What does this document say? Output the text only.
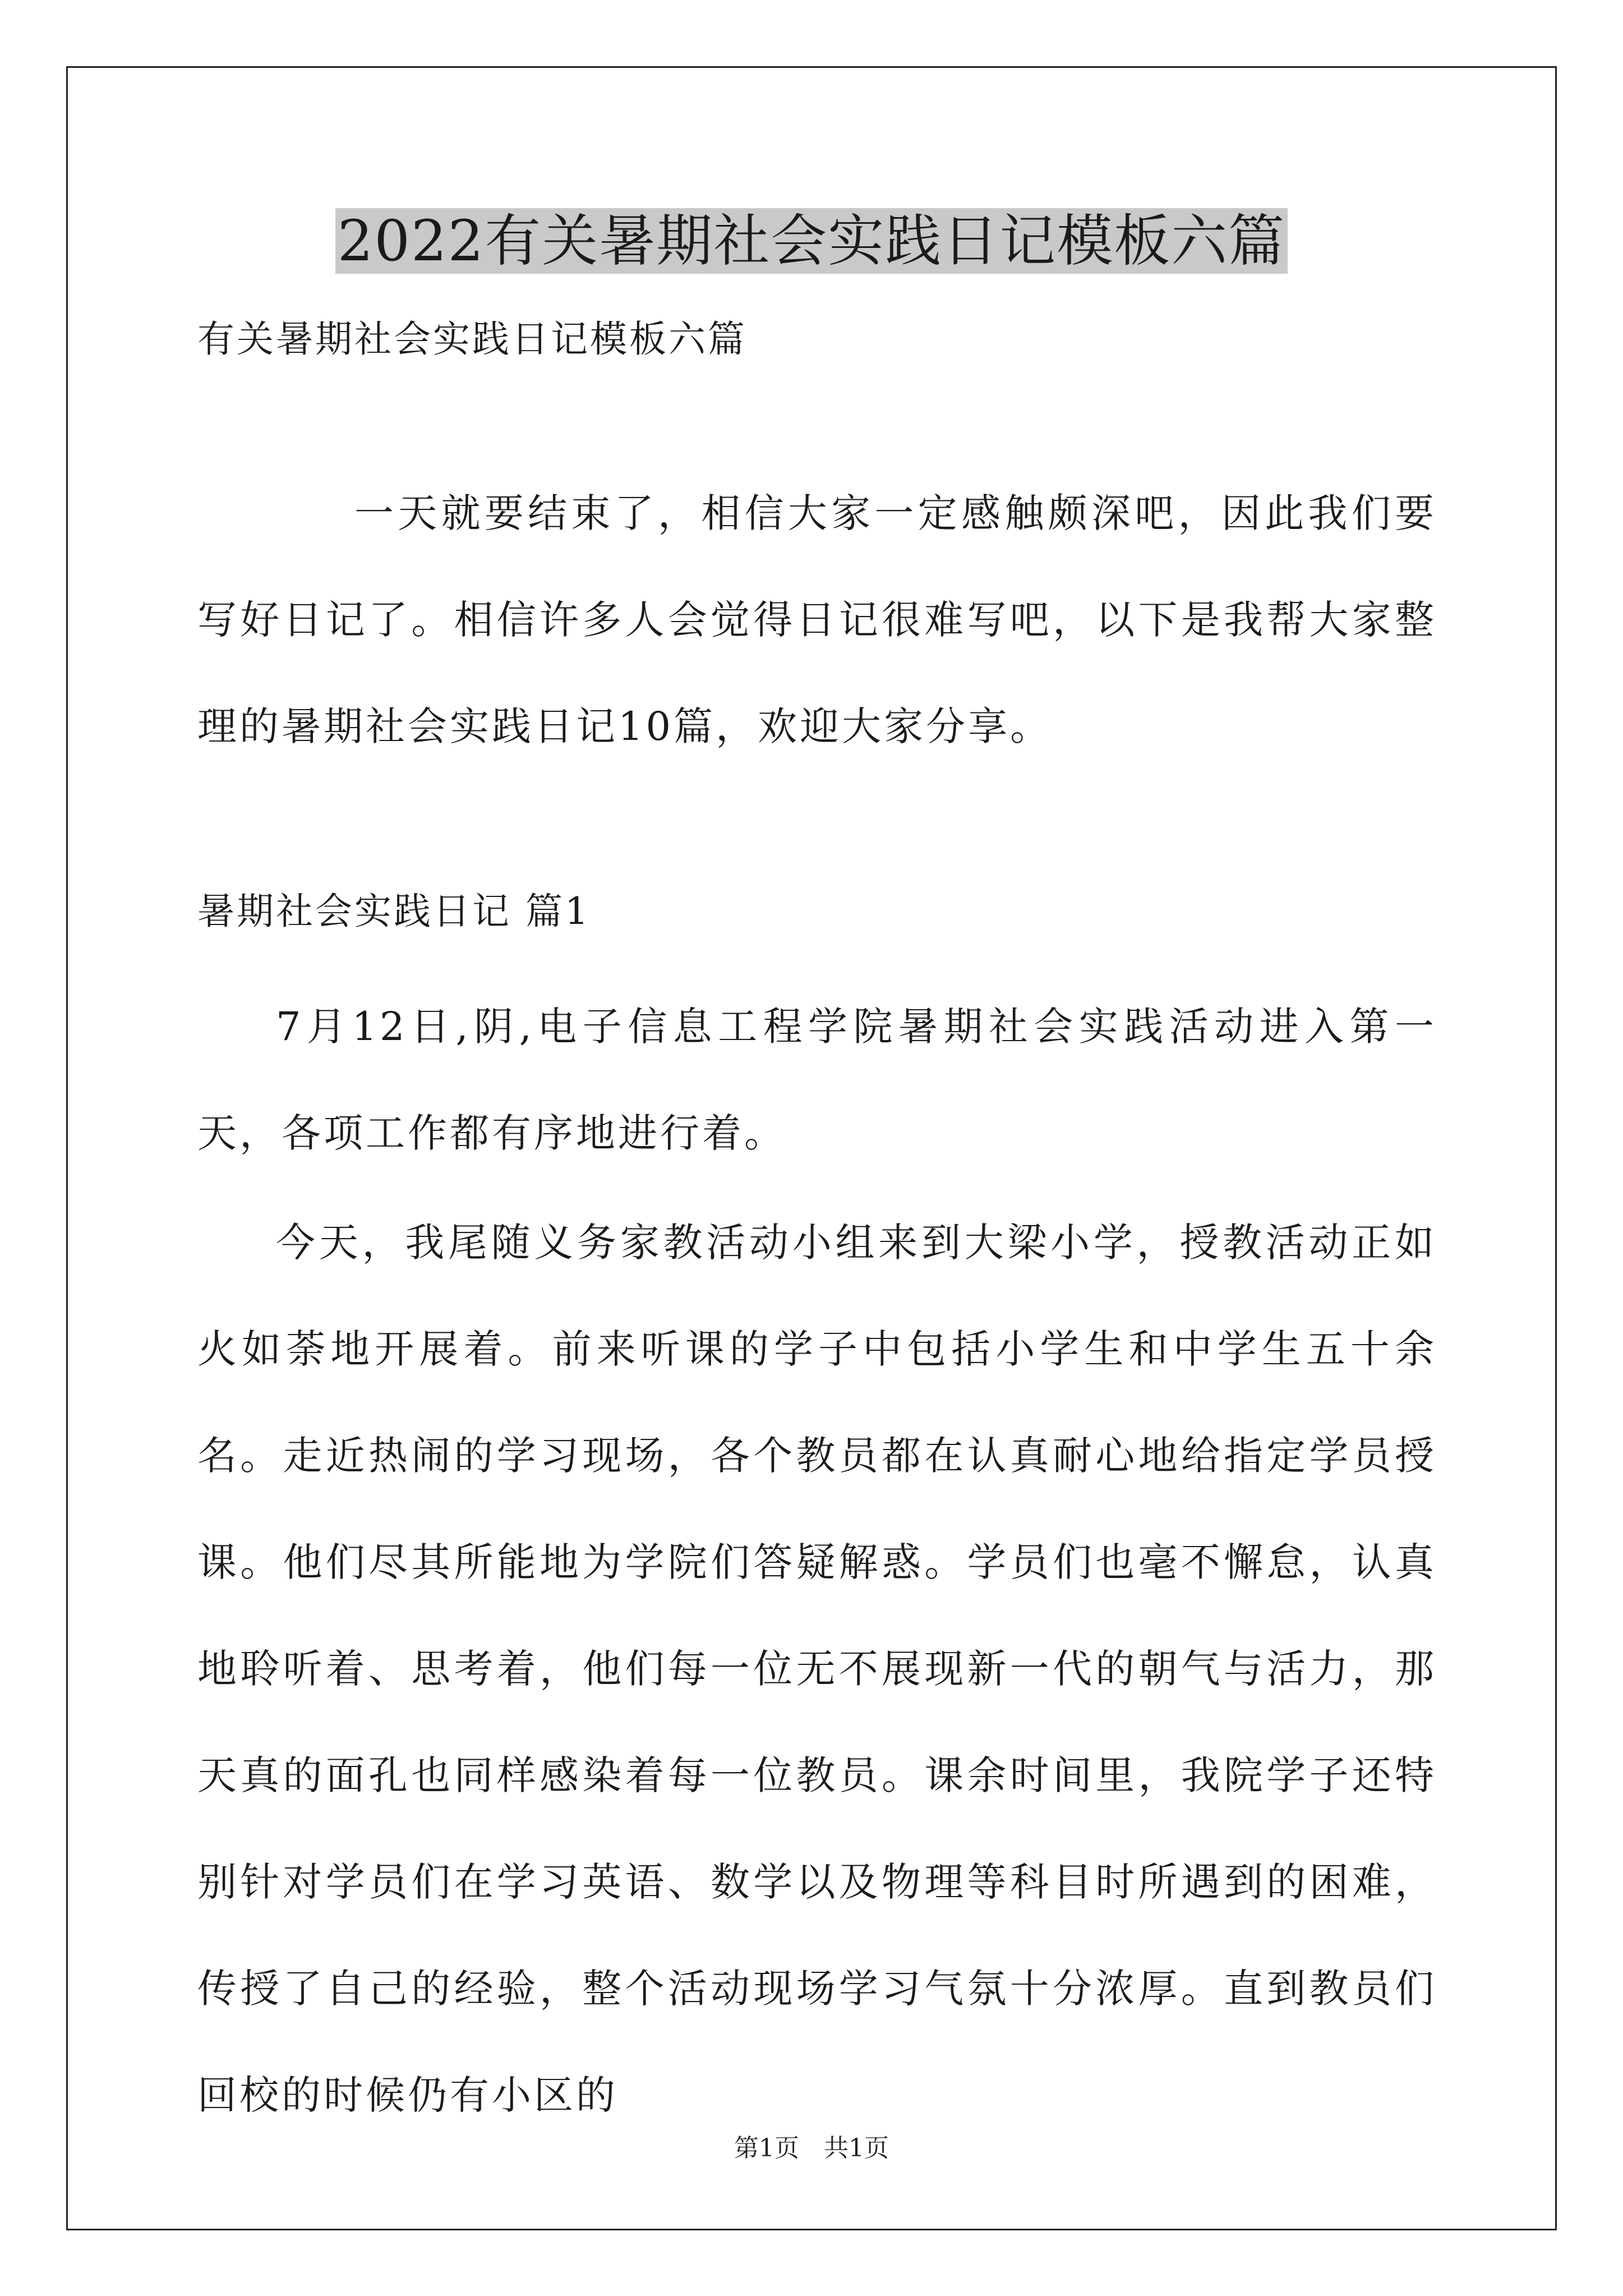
2022有关暑期社会实践日记模板六篇
有关暑期社会实践日记模板六篇
一天就要结束了，相信大家一定感触颇深吧，因此我们要写好日记了。相信许多人会觉得日记很难写吧，以下是我帮大家整理的暑期社会实践日记10篇，欢迎大家分享。
暑期社会实践日记 篇1
7月12日,阴,电子信息工程学院暑期社会实践活动进入第一天，各项工作都有序地进行着。
今天，我尾随义务家教活动小组来到大梁小学，授教活动正如火如荼地开展着。前来听课的学子中包括小学生和中学生五十余名。走近热闹的学习现场，各个教员都在认真耐心地给指定学员授课。他们尽其所能地为学院们答疑解惑。学员们也毫不懈怠，认真地聆听着、思考着，他们每一位无不展现新一代的朝气与活力，那天真的面孔也同样感染着每一位教员。课余时间里，我院学子还特别针对学员们在学习英语、数学以及物理等科目时所遇到的困难，传授了自己的经验，整个活动现场学习气氛十分浓厚。直到教员们回校的时候仍有小区的
第1页　共1页
